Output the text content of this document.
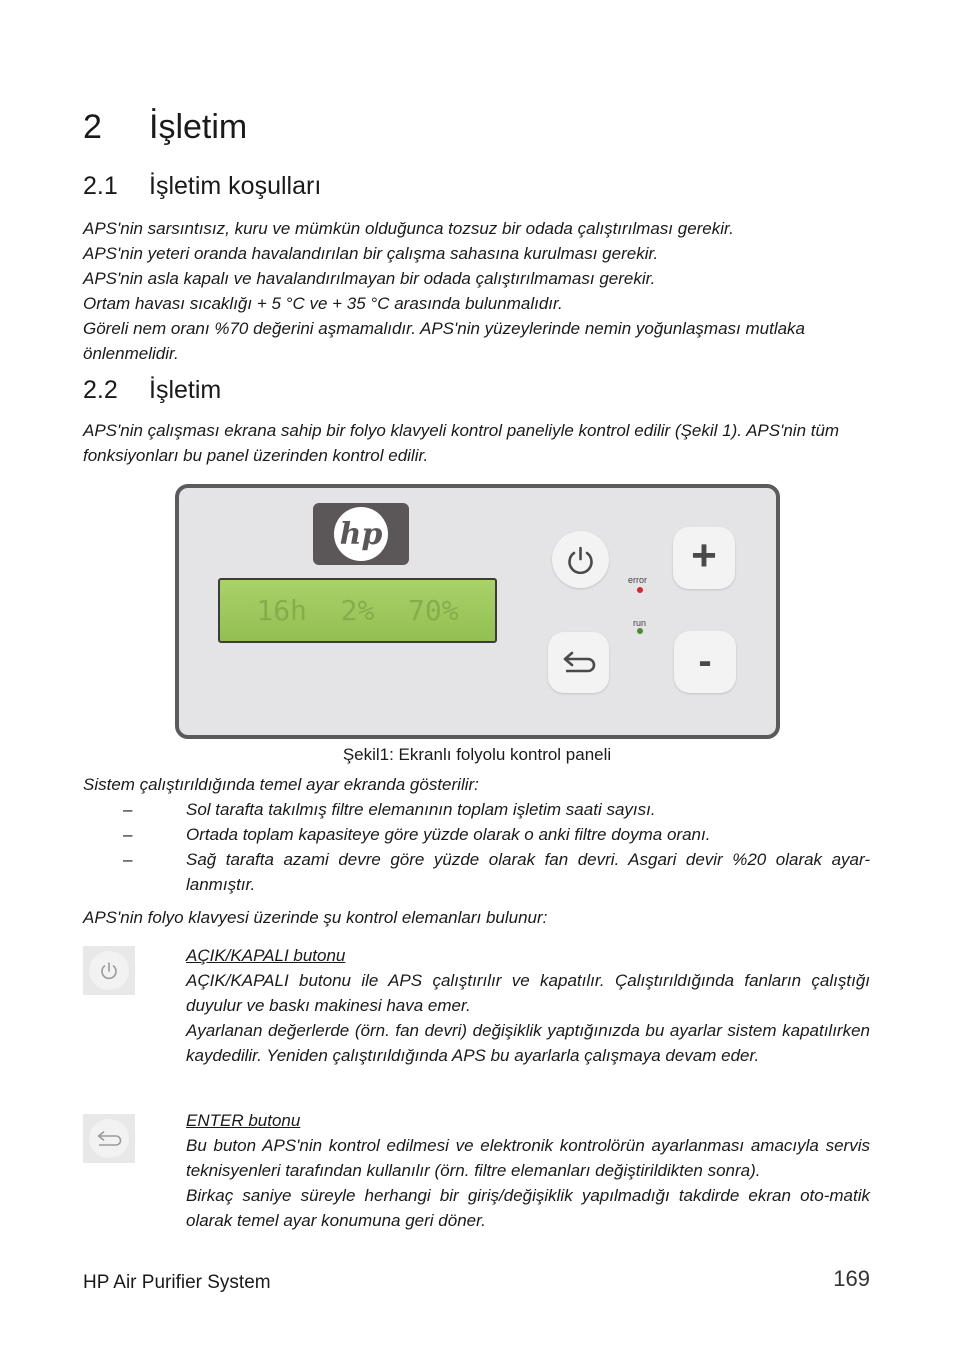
2 İşletim
2.1 İşletim koşulları
APS'nin sarsıntısız, kuru ve mümkün olduğunca tozsuz bir odada çalıştırılması gerekir.
APS'nin yeteri oranda havalandırılan bir çalışma sahasına kurulması gerekir.
APS'nin asla kapalı ve havalandırılmayan bir odada çalıştırılmaması gerekir.
Ortam havası sıcaklığı + 5 °C ve + 35 °C arasında bulunmalıdır.
Göreli nem oranı %70 değerini aşmamalıdır. APS'nin yüzeylerinde nemin yoğunlaşması mutlaka önlenmelidir.
2.2 İşletim
APS'nin çalışması ekrana sahip bir folyo klavyeli kontrol paneliyle kontrol edilir (Şekil 1). APS'nin tüm fonksiyonları bu panel üzerinden kontrol edilir.
hp
16h  2%  70%
+
-
error
run
Şekil1: Ekranlı folyolu kontrol paneli
Sistem çalıştırıldığında temel ayar ekranda gösterilir:
–	Sol tarafta takılmış filtre elemanının toplam işletim saati sayısı.
–	Ortada toplam kapasiteye göre yüzde olarak o anki filtre doyma oranı.
–	Sağ tarafta azami devre göre yüzde olarak fan devri. Asgari devir %20 olarak ayar-lanmıştır.
APS'nin folyo klavyesi üzerinde şu kontrol elemanları bulunur:
AÇIK/KAPALI butonu
AÇIK/KAPALI butonu ile APS çalıştırılır ve kapatılır. Çalıştırıldığında fanların çalıştığı duyulur ve baskı makinesi hava emer.
Ayarlanan değerlerde (örn. fan devri) değişiklik yaptığınızda bu ayarlar sistem kapatılırken kaydedilir. Yeniden çalıştırıldığında APS bu ayarlarla çalışmaya devam eder.
ENTER butonu
Bu buton APS'nin kontrol edilmesi ve elektronik kontrolörün ayarlanması amacıyla servis teknisyenleri tarafından kullanılır (örn. filtre elemanları değiştirildikten sonra).
Birkaç saniye süreyle herhangi bir giriş/değişiklik yapılmadığı takdirde ekran oto-matik olarak temel ayar konumuna geri döner.
HP Air Purifier System	169
